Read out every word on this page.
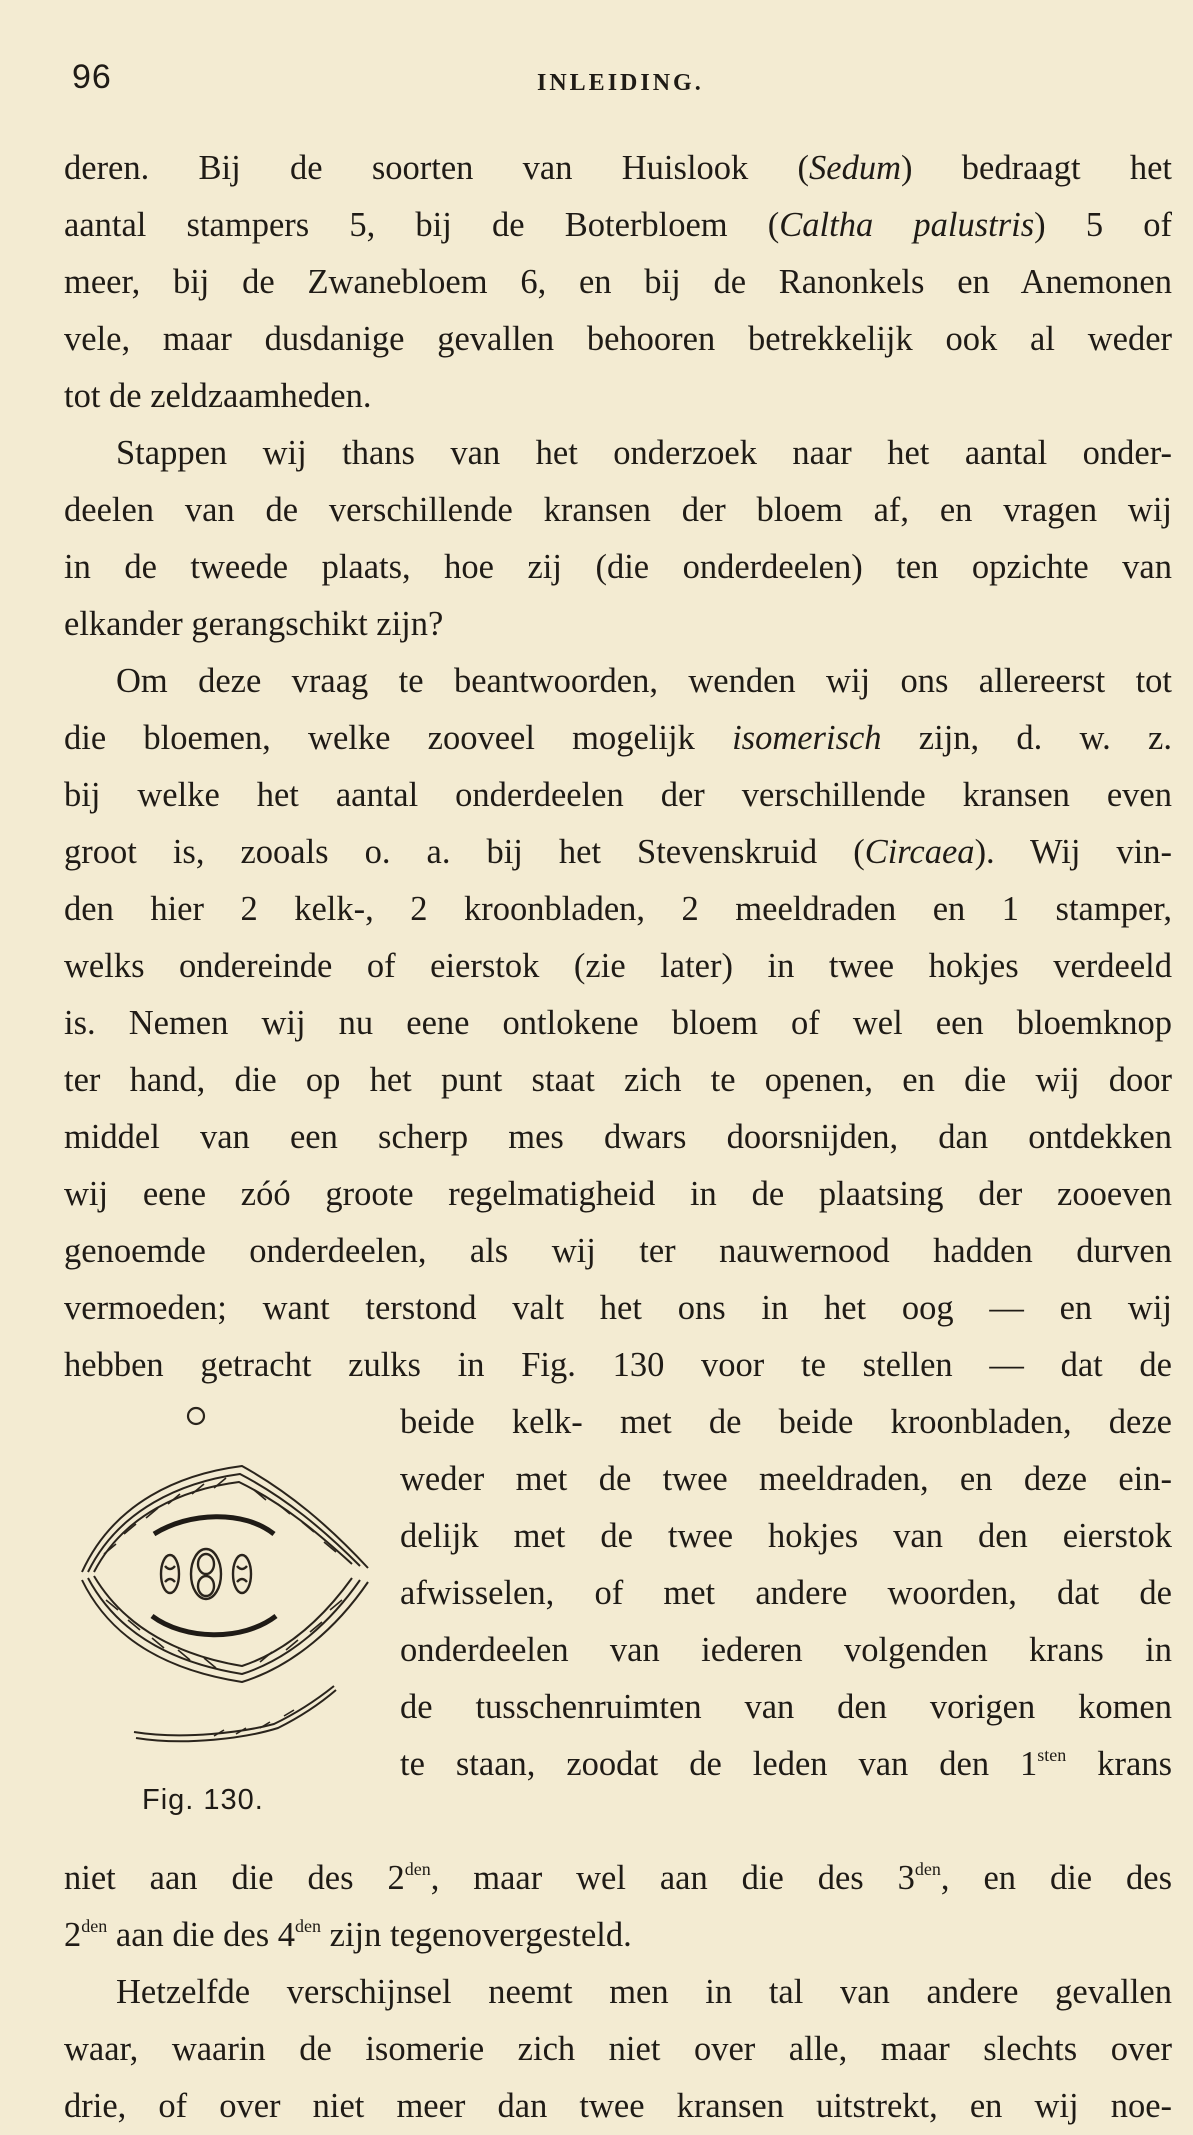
96	INLEIDING.
deren. Bij de soorten van Huislook (Sedum) bedraagt het
aantal stampers 5, bij de Boterbloem (Caltha palustris) 5 of
meer, bij de Zwanebloem 6, en bij de Ranonkels en Anemonen
vele, maar dusdanige gevallen behooren betrekkelijk ook al weder
tot de zeldzaamheden.
Stappen wij thans van het onderzoek naar het aantal onder-
deelen van de verschillende kransen der bloem af, en vragen wij
in de tweede plaats, hoe zij (die onderdeelen) ten opzichte van
elkander gerangschikt zijn?
Om deze vraag te beantwoorden, wenden wij ons allereerst tot
die bloemen, welke zooveel mogelijk isomerisch zijn, d. w. z.
bij welke het aantal onderdeelen der verschillende kransen even
groot is, zooals o. a. bij het Stevenskruid (Circaea). Wij vin-
den hier 2 kelk-, 2 kroonbladen, 2 meeldraden en 1 stamper,
welks ondereinde of eierstok (zie later) in twee hokjes verdeeld
is. Nemen wij nu eene ontlokene bloem of wel een bloemknop
ter hand, die op het punt staat zich te openen, en die wij door
middel van een scherp mes dwars doorsnijden, dan ontdekken
wij eene zóó groote regelmatigheid in de plaatsing der zooeven
genoemde onderdeelen, als wij ter nauwernood hadden durven
vermoeden; want terstond valt het ons in het oog — en wij
hebben getracht zulks in Fig. 130 voor te stellen — dat de
Fig. 130.
beide kelk- met de beide kroonbladen, deze
weder met de twee meeldraden, en deze ein-
delijk met de twee hokjes van den eierstok
afwisselen, of met andere woorden, dat de
onderdeelen van iederen volgenden krans in
de tusschenruimten van den vorigen komen
te staan, zoodat de leden van den $1^{sten}$ krans
niet aan die des $2^{den}$, maar wel aan die des $3^{den}$, en die des
$2^{den}$ aan die des $4^{den}$ zijn tegenovergesteld.
Hetzelfde verschijnsel neemt men in tal van andere gevallen
waar, waarin de isomerie zich niet over alle, maar slechts over
drie, of over niet meer dan twee kransen uitstrekt, en wij noe-
